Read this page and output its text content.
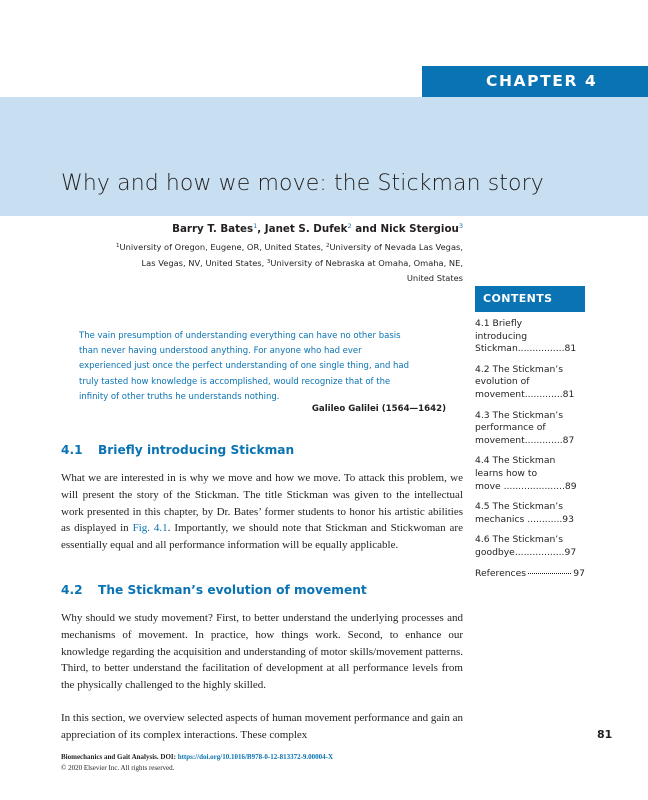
CHAPTER 4
Why and how we move: the Stickman story
Barry T. Bates$^1$, Janet S. Dufek$^2$ and Nick Stergiou$^3$
$^1$University of Oregon, Eugene, OR, United States, $^2$University of Nevada Las Vegas,
Las Vegas, NV, United States, $^3$University of Nebraska at Omaha, Omaha, NE,
United States
The vain presumption of understanding everything can have no other basis
than never having understood anything. For anyone who had ever
experienced just once the perfect understanding of one single thing, and had
truly tasted how knowledge is accomplished, would recognize that of the
infinity of other truths he understands nothing.
Galileo Galilei (1564—1642)
CONTENTS
4.1 Briefly
introducing
Stickman................81
4.2 The Stickman’s
evolution of
movement.............81
4.3 The Stickman’s
performance of
movement.............87
4.4 The Stickman
learns how to
move .....................89
4.5 The Stickman’s
mechanics ............93
4.6 The Stickman’s
goodbye.................97
References	97
4.1 Briefly introducing Stickman

What we are interested in is why we move and how we move. To attack this problem, we will present the story of the Stickman. The title Stickman was given to the intellectual work presented in this chapter, by Dr. Bates’ former students to honor his artistic abilities as displayed in Fig. 4.1. Importantly, we should note that Stickman and Stickwoman are essentially equal and all performance information will be equally applicable.

4.2 The Stickman’s evolution of movement

Why should we study movement? First, to better understand the underlying processes and mechanisms of movement. In practice, how things work. Second, to enhance our knowledge regarding the acquisition and understanding of motor skills/movement patterns. Third, to better understand the facilitation of development at all performance levels from the physically challenged to the highly skilled.

In this section, we overview selected aspects of human movement performance and gain an appreciation of its complex interactions. These complex	81
Biomechanics and Gait Analysis. DOI: https://doi.org/10.1016/B978-0-12-813372-9.00004-X
© 2020 Elsevier Inc. All rights reserved.
